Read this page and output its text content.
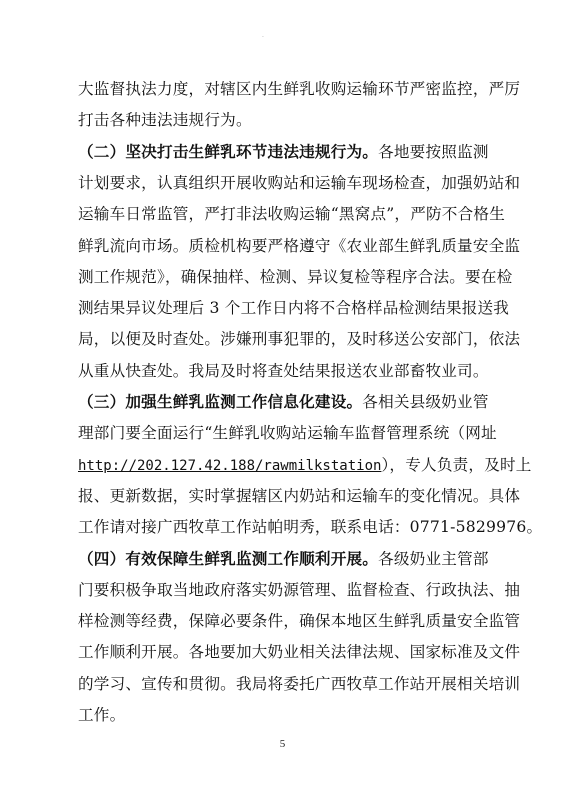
·
大监督执法力度，对辖区内生鲜乳收购运输环节严密监控，严厉
打击各种违法违规行为。
（二）坚决打击生鲜乳环节违法违规行为。各地要按照监测
计划要求，认真组织开展收购站和运输车现场检查，加强奶站和
运输车日常监管，严打非法收购运输“黑窝点”，严防不合格生
鲜乳流向市场。质检机构要严格遵守《农业部生鲜乳质量安全监
测工作规范》，确保抽样、检测、异议复检等程序合法。要在检
测结果异议处理后 3 个工作日内将不合格样品检测结果报送我
局，以便及时查处。涉嫌刑事犯罪的，及时移送公安部门，依法
从重从快查处。我局及时将查处结果报送农业部畜牧业司。
（三）加强生鲜乳监测工作信息化建设。各相关县级奶业管
理部门要全面运行“生鲜乳收购站运输车监督管理系统（网址
http://202.127.42.188/rawmilkstation），专人负责，及时上
报、更新数据，实时掌握辖区内奶站和运输车的变化情况。具体
工作请对接广西牧草工作站帕明秀，联系电话：0771-5829976。
（四）有效保障生鲜乳监测工作顺利开展。各级奶业主管部
门要积极争取当地政府落实奶源管理、监督检查、行政执法、抽
样检测等经费，保障必要条件，确保本地区生鲜乳质量安全监管
工作顺利开展。各地要加大奶业相关法律法规、国家标准及文件
的学习、宣传和贯彻。我局将委托广西牧草工作站开展相关培训
工作。
5
